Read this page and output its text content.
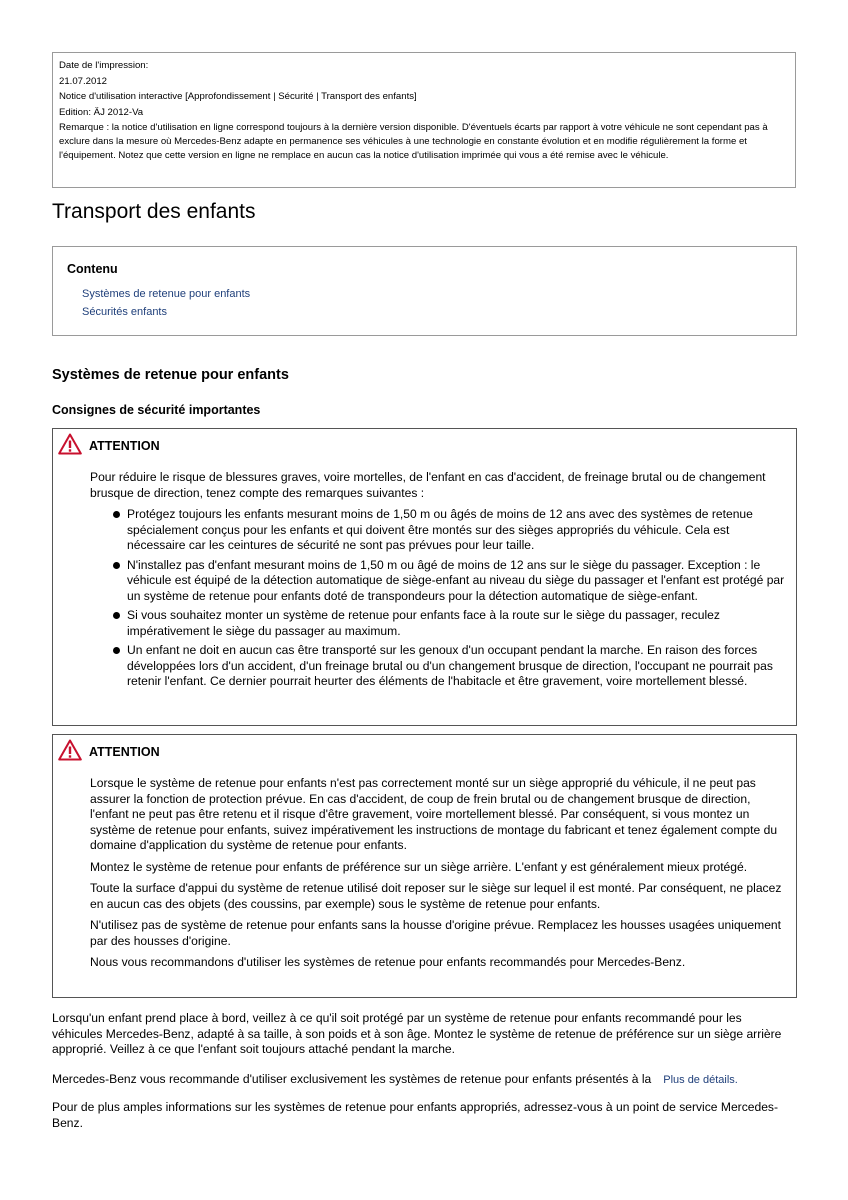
Date de l'impression:
21.07.2012
Notice d'utilisation interactive [Approfondissement | Sécurité | Transport des enfants]
Edition: ÄJ 2012-Va
Remarque : la notice d'utilisation en ligne correspond toujours à la dernière version disponible. D'éventuels écarts par rapport à votre véhicule ne sont cependant pas à exclure dans la mesure où Mercedes-Benz adapte en permanence ses véhicules à une technologie en constante évolution et en modifie régulièrement la forme et l'équipement. Notez que cette version en ligne ne remplace en aucun cas la notice d'utilisation imprimée qui vous a été remise avec le véhicule.
Transport des enfants
Contenu
Systèmes de retenue pour enfants
Sécurités enfants
Systèmes de retenue pour enfants
Consignes de sécurité importantes
ATTENTION

Pour réduire le risque de blessures graves, voire mortelles, de l'enfant en cas d'accident, de freinage brutal ou de changement brusque de direction, tenez compte des remarques suivantes :

Protégez toujours les enfants mesurant moins de 1,50 m ou âgés de moins de 12 ans avec des systèmes de retenue spécialement conçus pour les enfants et qui doivent être montés sur des sièges appropriés du véhicule. Cela est nécessaire car les ceintures de sécurité ne sont pas prévues pour leur taille.
N'installez pas d'enfant mesurant moins de 1,50 m ou âgé de moins de 12 ans sur le siège du passager. Exception : le véhicule est équipé de la détection automatique de siège-enfant au niveau du siège du passager et l'enfant est protégé par un système de retenue pour enfants doté de transpondeurs pour la détection automatique de siège-enfant.
Si vous souhaitez monter un système de retenue pour enfants face à la route sur le siège du passager, reculez impérativement le siège du passager au maximum.
Un enfant ne doit en aucun cas être transporté sur les genoux d'un occupant pendant la marche. En raison des forces développées lors d'un accident, d'un freinage brutal ou d'un changement brusque de direction, l'occupant ne pourrait pas retenir l'enfant. Ce dernier pourrait heurter des éléments de l'habitacle et être gravement, voire mortellement blessé.
ATTENTION

Lorsque le système de retenue pour enfants n'est pas correctement monté sur un siège approprié du véhicule, il ne peut pas assurer la fonction de protection prévue. En cas d'accident, de coup de frein brutal ou de changement brusque de direction, l'enfant ne peut pas être retenu et il risque d'être gravement, voire mortellement blessé. Par conséquent, si vous montez un système de retenue pour enfants, suivez impérativement les instructions de montage du fabricant et tenez également compte du domaine d'application du système de retenue pour enfants.

Montez le système de retenue pour enfants de préférence sur un siège arrière. L'enfant y est généralement mieux protégé.

Toute la surface d'appui du système de retenue utilisé doit reposer sur le siège sur lequel il est monté. Par conséquent, ne placez en aucun cas des objets (des coussins, par exemple) sous le système de retenue pour enfants.

N'utilisez pas de système de retenue pour enfants sans la housse d'origine prévue. Remplacez les housses usagées uniquement par des housses d'origine.

Nous vous recommandons d'utiliser les systèmes de retenue pour enfants recommandés pour Mercedes-Benz.

Lorsqu'un enfant prend place à bord, veillez à ce qu'il soit protégé par un système de retenue pour enfants recommandé pour les véhicules Mercedes-Benz, adapté à sa taille, à son poids et à son âge. Montez le système de retenue de préférence sur un siège arrière approprié. Veillez à ce que l'enfant soit toujours attaché pendant la marche.
Mercedes-Benz vous recommande d'utiliser exclusivement les systèmes de retenue pour enfants présentés à la Plus de détails.
Pour de plus amples informations sur les systèmes de retenue pour enfants appropriés, adressez-vous à un point de service Mercedes-Benz.
